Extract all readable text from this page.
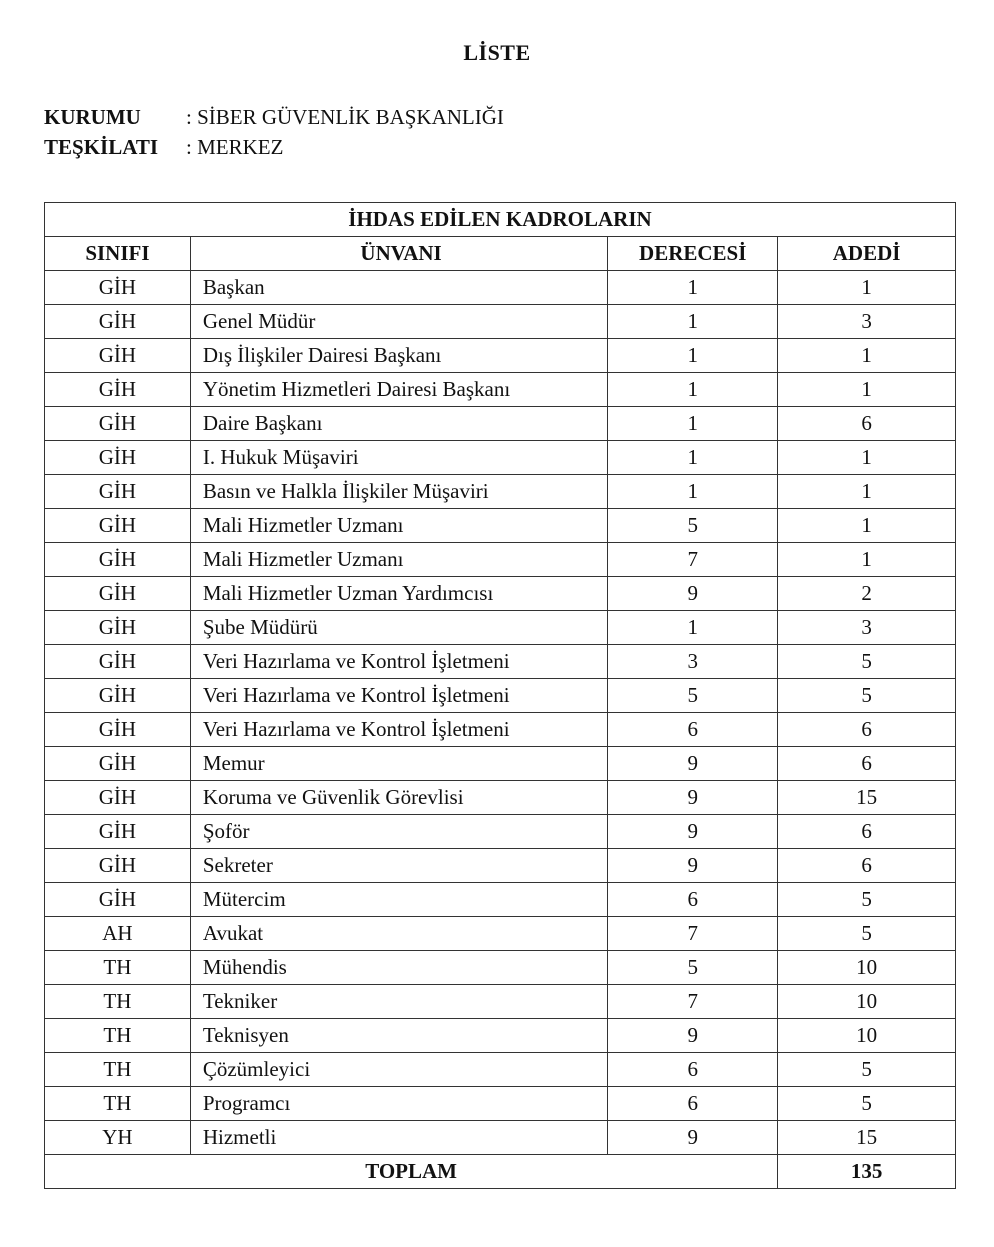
LİSTE
KURUMU : SİBER GÜVENLİK BAŞKANLIĞI
TEŞKİLATI : MERKEZ
İHDAS EDİLEN KADROLARIN			
SINIFI	ÜNVANI	DERECESİ	ADEDİ
GİH	Başkan	1	1
GİH	Genel Müdür	1	3
GİH	Dış İlişkiler Dairesi Başkanı	1	1
GİH	Yönetim Hizmetleri Dairesi Başkanı	1	1
GİH	Daire Başkanı	1	6
GİH	I. Hukuk Müşaviri	1	1
GİH	Basın ve Halkla İlişkiler Müşaviri	1	1
GİH	Mali Hizmetler Uzmanı	5	1
GİH	Mali Hizmetler Uzmanı	7	1
GİH	Mali Hizmetler Uzman Yardımcısı	9	2
GİH	Şube Müdürü	1	3
GİH	Veri Hazırlama ve Kontrol İşletmeni	3	5
GİH	Veri Hazırlama ve Kontrol İşletmeni	5	5
GİH	Veri Hazırlama ve Kontrol İşletmeni	6	6
GİH	Memur	9	6
GİH	Koruma ve Güvenlik Görevlisi	9	15
GİH	Şoför	9	6
GİH	Sekreter	9	6
GİH	Mütercim	6	5
AH	Avukat	7	5
TH	Mühendis	5	10
TH	Tekniker	7	10
TH	Teknisyen	9	10
TH	Çözümleyici	6	5
TH	Programcı	6	5
YH	Hizmetli	9	15
TOPLAM			135
